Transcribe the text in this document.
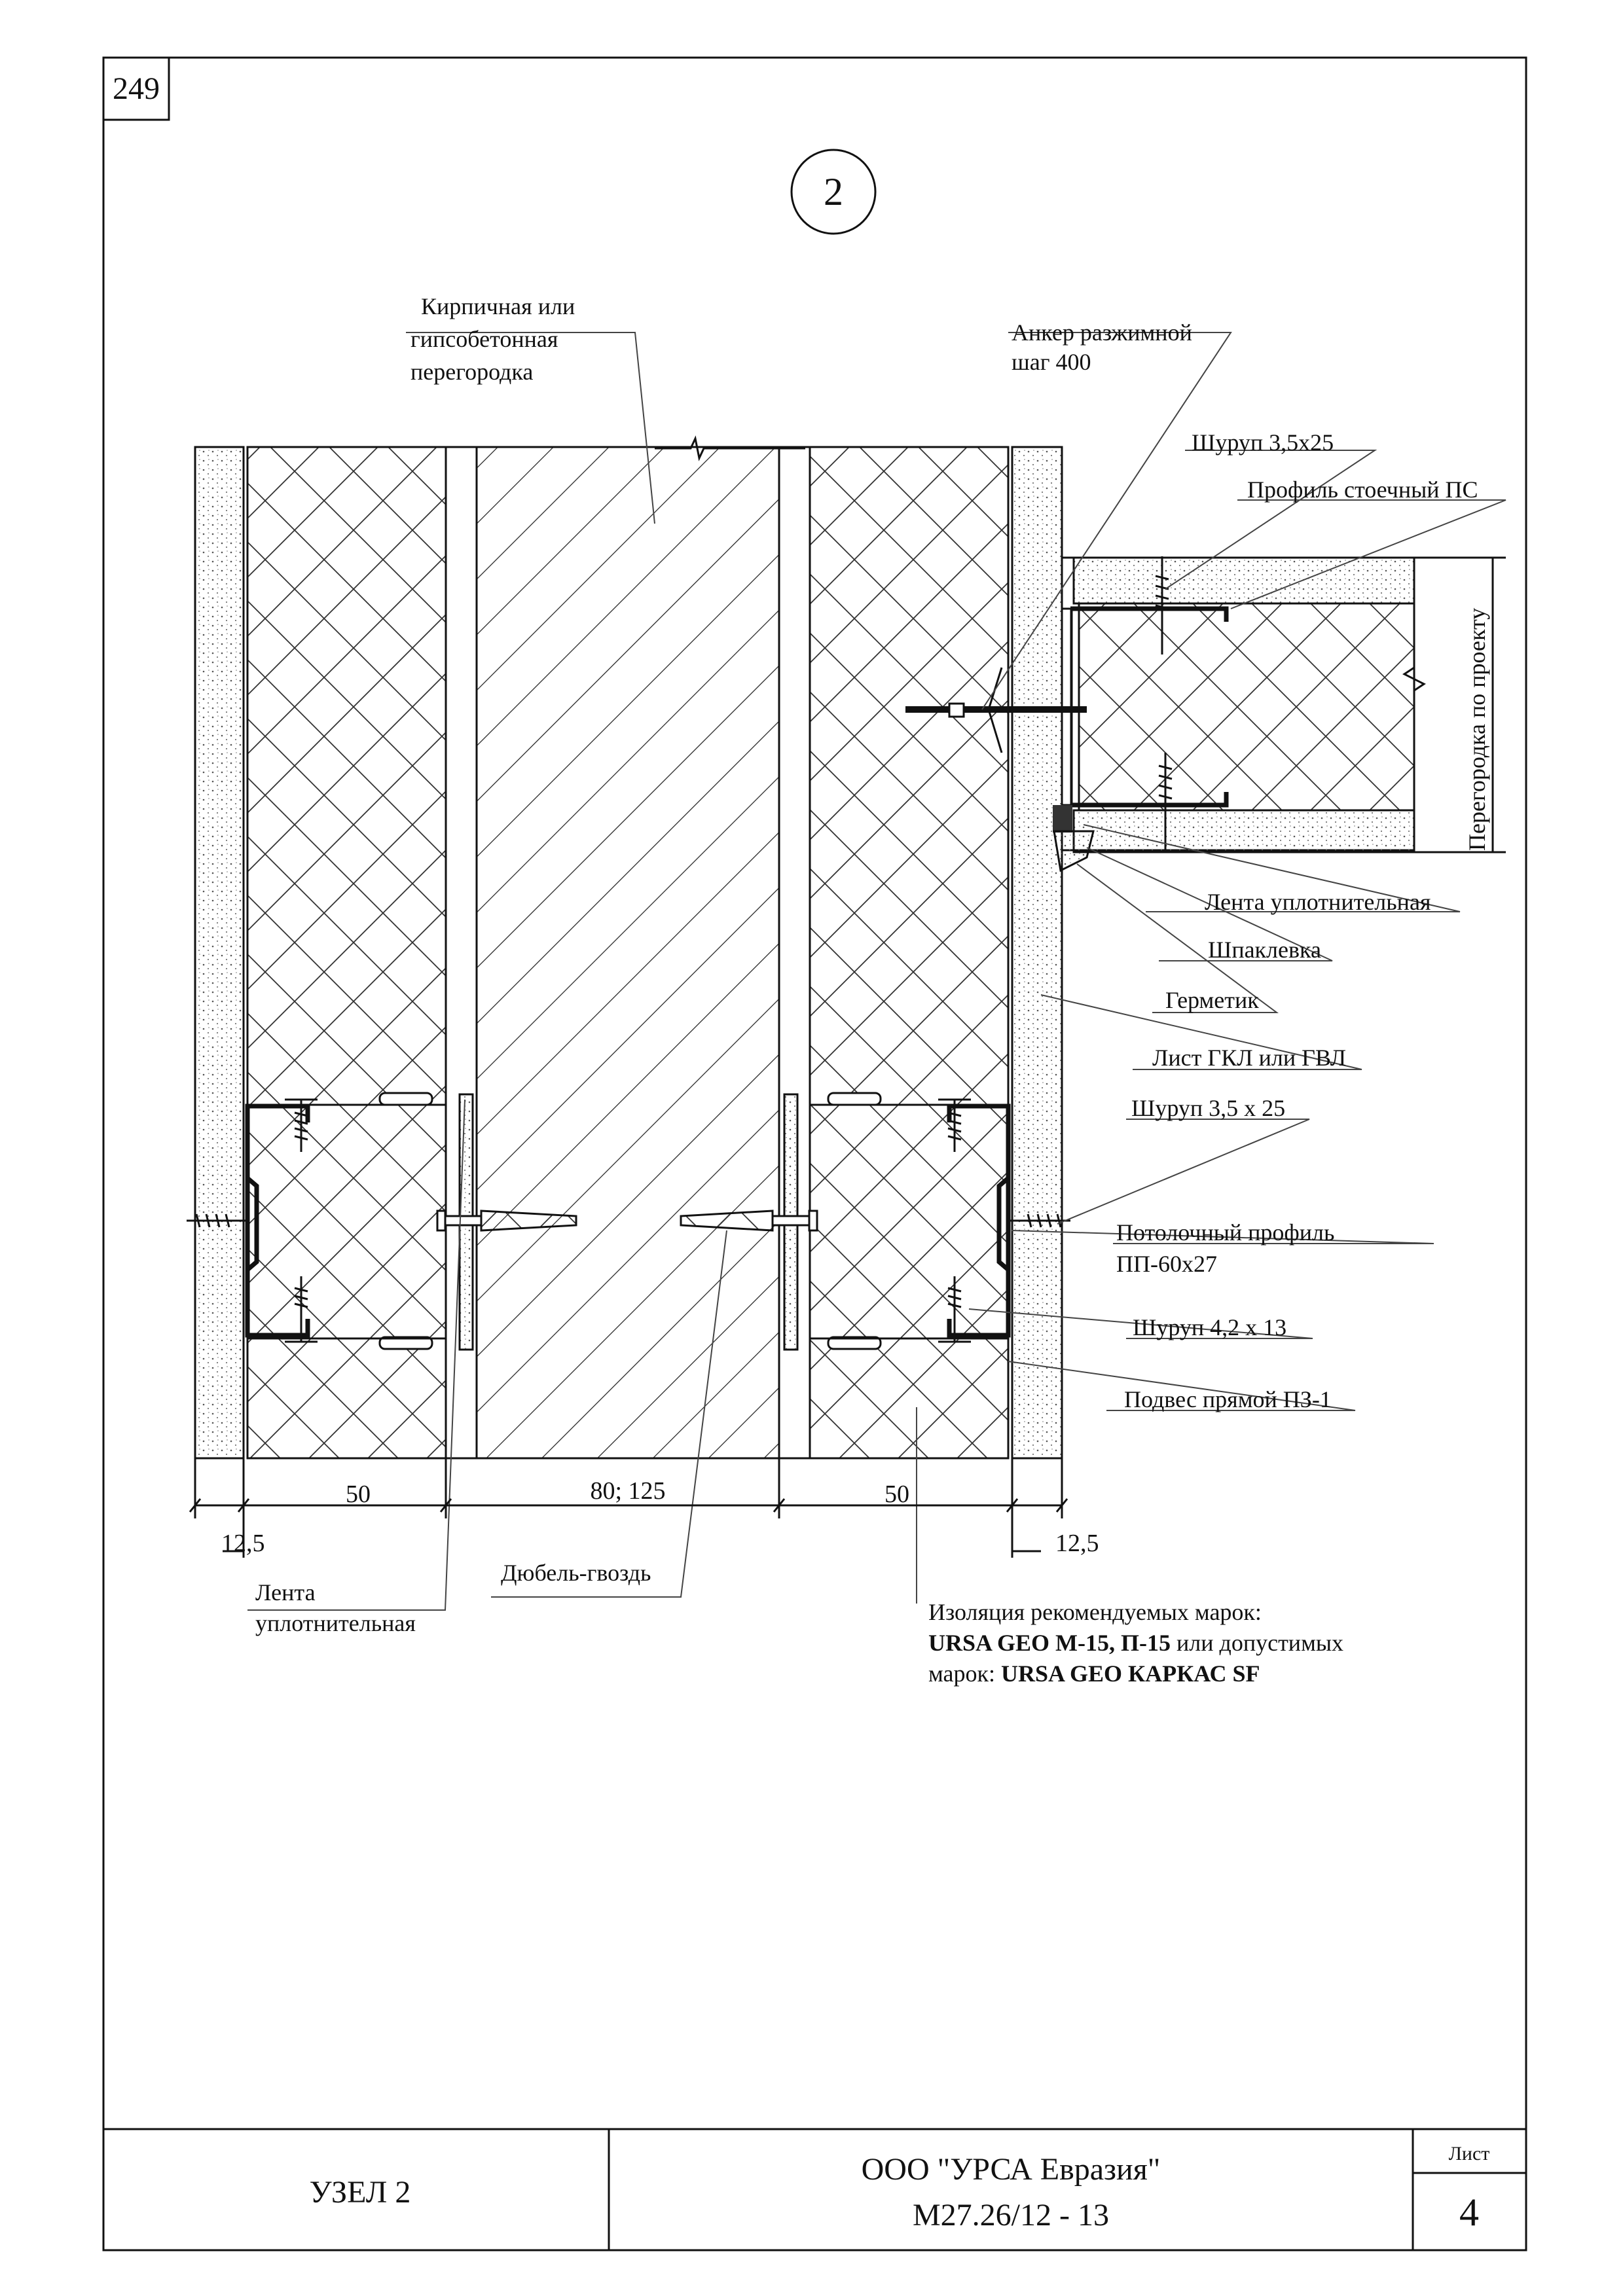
249
2
Перегородка по проекту
50	80; 125	50
12,5	12,5
Кирпичная или гипсобетонная перегородка
Анкер разжимной шаг 400
Шуруп 3,5х25
Профиль стоечный ПС
Лента уплотнительная
Шпаклевка
Герметик
Лист ГКЛ или ГВЛ
Шуруп 3,5 х 25
Потолочный профиль ПП-60х27
Шуруп 4,2 х 13
Подвес прямой ПЗ-1
Лента уплотнительная
Дюбель-гвоздь
Изоляция рекомендуемых марок: URSA GEO М-15, П-15 или допустимых марок: URSA GEO КАРКАС SF
УЗЕЛ 2
ООО "УРСА Евразия"
М27.26/12 - 13
Лист
4
